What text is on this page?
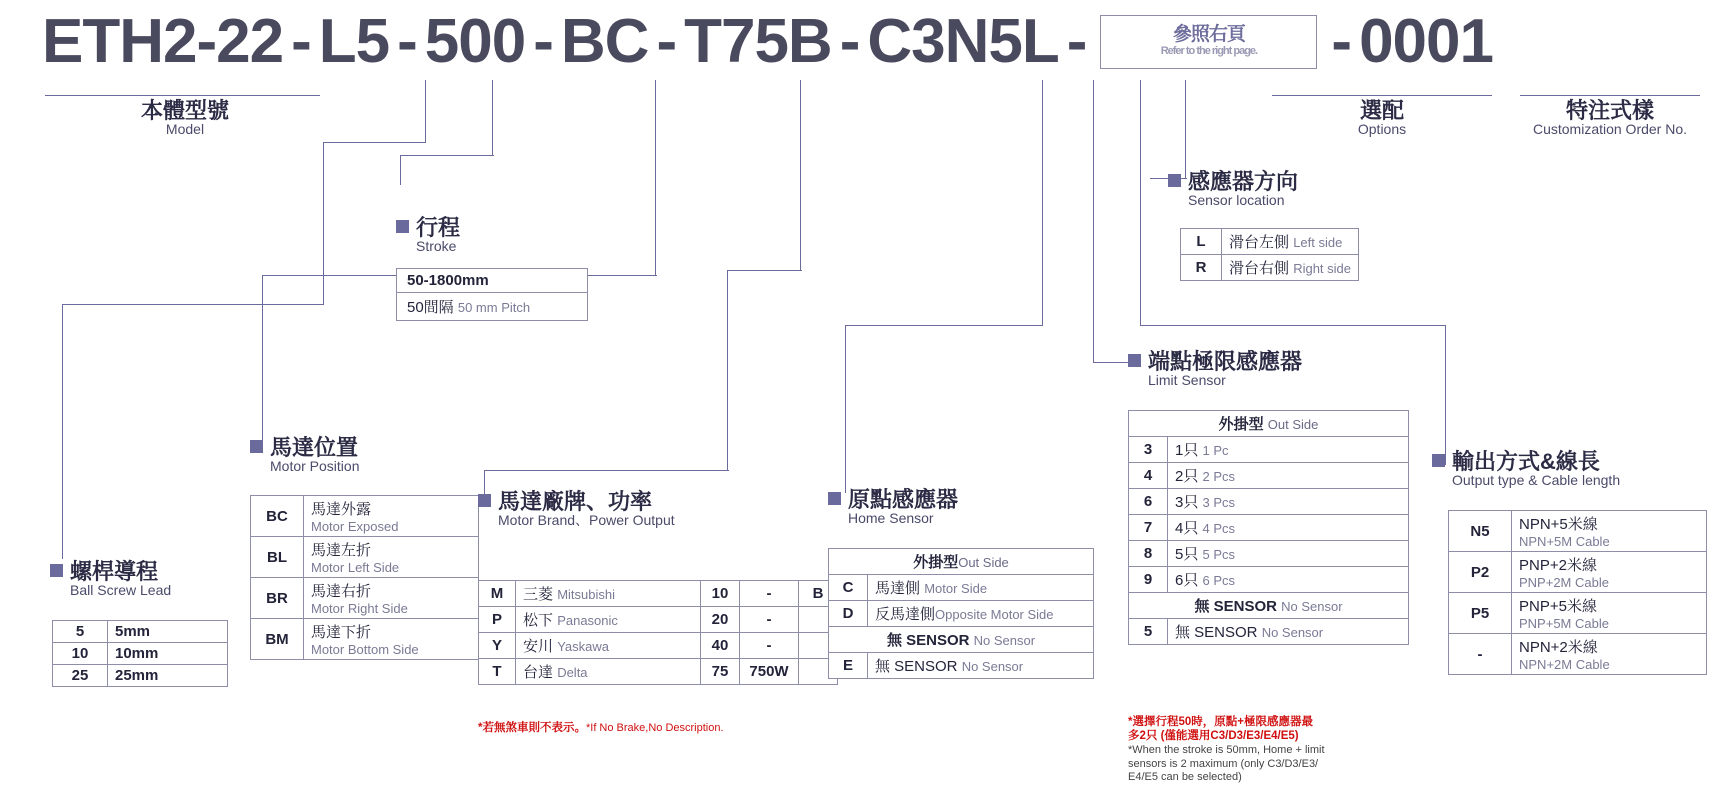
ETH2-22 - L5 - 500 - BC - T75B - C3N5L -	參照右頁
Refer to the right page. - 0001
本體型號
Model
選配
Options
特注式樣
Customization Order No.
行程
Stroke
50-1800mm
50間隔 50 mm Pitch
感應器方向
Sensor location
L	滑台左側 Left side
R	滑台右側 Right side
端點極限感應器
Limit Sensor
外掛型 Out Side	
3	1只 1 Pc
4	2只 2 Pcs
6	3只 3 Pcs
7	4只 4 Pcs
8	5只 5 Pcs
9	6只 6 Pcs
無 SENSOR No Sensor	
5	無 SENSOR No Sensor
*選擇行程50時，原點+極限感應器最
多2只 (僅能選用C3/D3/E3/E4/E5)
*When the stroke is 50mm, Home + limit
sensors is 2 maximum (only C3/D3/E3/
E4/E5 can be selected)
馬達位置
Motor Position
BC	馬達外露
Motor Exposed

BL	馬達左折
Motor Left Side

BR	馬達右折
Motor Right Side

BM	馬達下折
Motor Bottom Side
螺桿導程
Ball Screw Lead
5	5mm
10	10mm
25	25mm
馬達廠牌、功率
Motor Brand、Power Output
M	三菱 Mitsubishi	10	-	B
P	松下 Panasonic	20	-	
Y	安川 Yaskawa	40	-	
T	台達 Delta	75	750W	
*若無煞車則不表示。*If No Brake,No Description.
原點感應器
Home Sensor
外掛型Out Side	
C	馬達側 Motor Side
D	反馬達側Opposite Motor Side
無 SENSOR No Sensor	
E	無 SENSOR No Sensor
輸出方式&線長
Output type & Cable length
N5	NPN+5米線
NPN+5M Cable

P2	PNP+2米線
PNP+2M Cable

P5	PNP+5米線
PNP+5M Cable

-	NPN+2米線
NPN+2M Cable
